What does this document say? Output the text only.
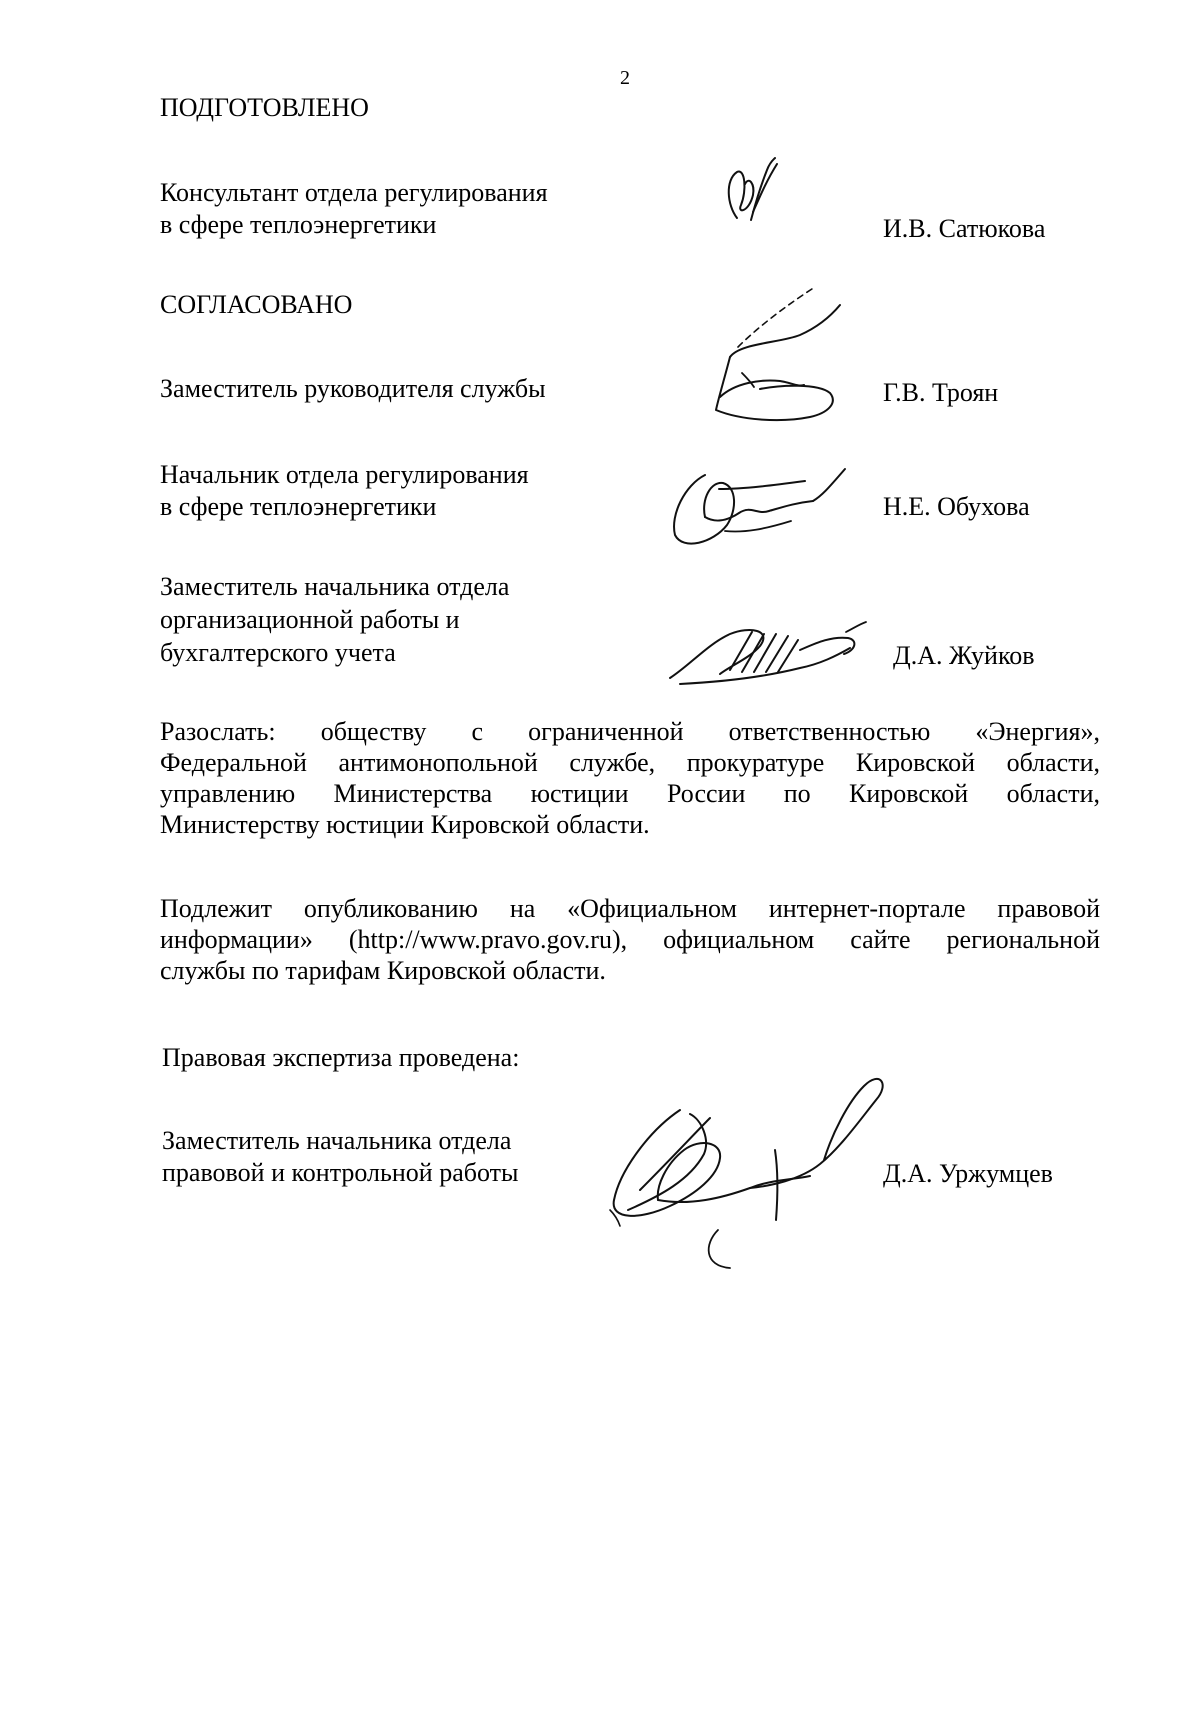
2
ПОДГОТОВЛЕНО
Консультант отдела регулирования
в сфере теплоэнергетики	И.В. Сатюкова
СОГЛАСОВАНО
Заместитель руководителя службы	Г.В. Троян
Начальник отдела регулирования
в сфере теплоэнергетики	Н.Е. Обухова
Заместитель начальника отдела
организационной работы и
бухгалтерского учета	Д.А. Жуйков
Разослать: обществу с ограниченной ответственностью «Энергия»,
Федеральной антимонопольной службе, прокуратуре Кировской области,
управлению Министерства юстиции России по Кировской области,
Министерству юстиции Кировской области.
Подлежит опубликованию на «Официальном интернет-портале правовой
информации» (http://www.pravo.gov.ru), официальном сайте региональной
службы по тарифам Кировской области.
Правовая экспертиза проведена:
Заместитель начальника отдела
правовой и контрольной работы	Д.А. Уржумцев
